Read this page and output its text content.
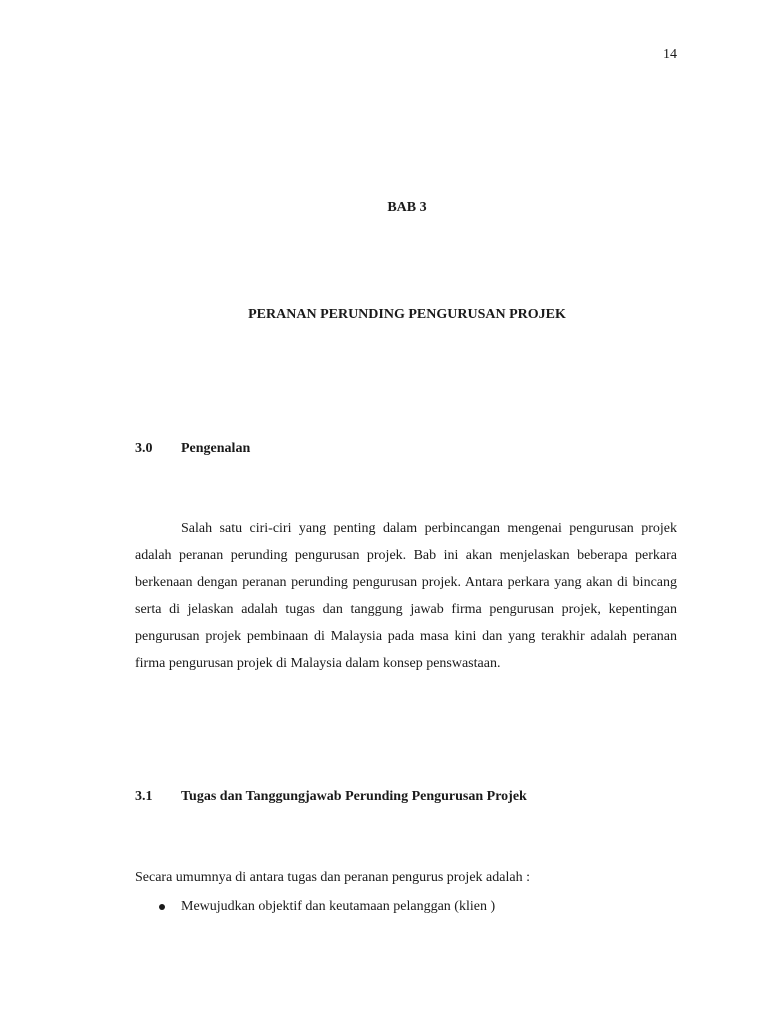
14
BAB 3
PERANAN PERUNDING PENGURUSAN PROJEK
3.0 Pengenalan

Salah satu ciri-ciri yang penting dalam perbincangan mengenai pengurusan projek adalah peranan perunding pengurusan projek. Bab ini akan menjelaskan beberapa perkara berkenaan dengan peranan perunding pengurusan projek. Antara perkara yang akan di bincang serta di jelaskan adalah tugas dan tanggung jawab firma pengurusan projek, kepentingan pengurusan projek pembinaan di Malaysia pada masa kini dan yang terakhir adalah peranan firma pengurusan projek di Malaysia dalam konsep penswastaan.

3.1 Tugas dan Tanggungjawab Perunding Pengurusan Projek
Secara umumnya di antara tugas dan peranan pengurus projek adalah :
Mewujudkan objektif dan keutamaan pelanggan (klien )
